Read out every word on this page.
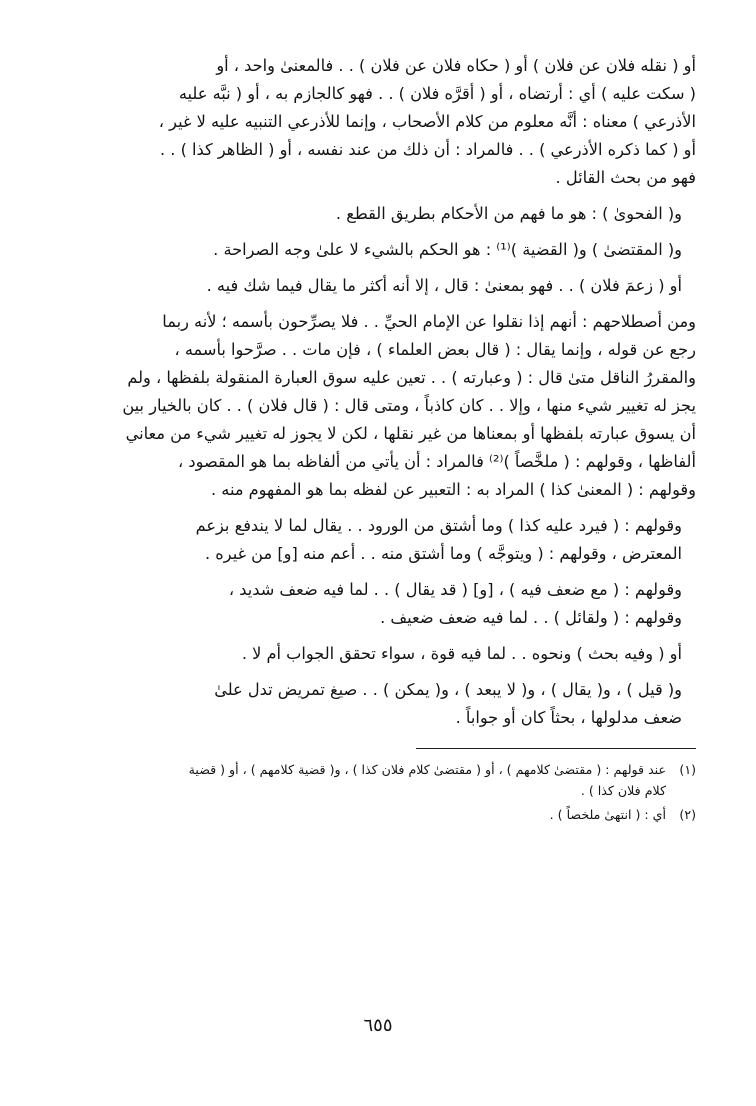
أو ( نقله فلان عن فلان ) أو ( حكاه فلان عن فلان ) . . فالمعنىٰ واحد ، أو
( سكت عليه ) أي : أرتضاه ، أو ( أقرَّه فلان ) . . فهو كالجازم به ، أو ( نبَّه عليه
الأذرعي ) معناه : أنَّه معلوم من كلام الأصحاب ، وإنما للأذرعي التنبيه عليه لا غير ،
أو ( كما ذكره الأذرعي ) . . فالمراد : أن ذلك من عند نفسه ، أو ( الظاهر كذا ) . .
فهو من بحث القائل .

و( الفحوىٰ ) : هو ما فهم من الأحكام بطريق القطع .

و( المقتضىٰ ) و( القضية )⁽¹⁾ : هو الحكم بالشيء لا علىٰ وجه الصراحة .

أو ( زعمَ فلان ) . . فهو بمعنىٰ : قال ، إلا أنه أكثر ما يقال فيما شك فيه .

ومن أصطلاحهم : أنهم إذا نقلوا عن الإمام الحيِّ . . فلا يصرِّحون بأسمه ؛ لأنه ربما
رجع عن قوله ، وإنما يقال : ( قال بعض العلماء ) ، فإن مات . . صرَّحوا بأسمه ،
والمقررُ الناقل متىٰ قال : ( وعبارته ) . . تعين عليه سوق العبارة المنقولة بلفظها ، ولم
يجز له تغيير شيء منها ، وإلا . . كان كاذباً ، ومتى قال : ( قال فلان ) . . كان بالخيار بين
أن يسوق عبارته بلفظها أو بمعناها من غير نقلها ، لكن لا يجوز له تغيير شيء من معاني
ألفاظها ، وقولهم : ( ملخَّصاً )⁽²⁾ فالمراد : أن يأتي من ألفاظه بما هو المقصود ،
وقولهم : ( المعنىٰ كذا ) المراد به : التعبير عن لفظه بما هو المفهوم منه .

وقولهم : ( فيرد عليه كذا ) وما أشتق من الورود . . يقال لما لا يندفع بزعم
المعترض ، وقولهم : ( ويتوجَّه ) وما أشتق منه . . أعم منه [و] من غيره .

وقولهم : ( مع ضعف فيه ) ، [و] ( قد يقال ) . . لما فيه ضعف شديد ،
وقولهم : ( ولقائل ) . . لما فيه ضعف ضعيف .

أو ( وفيه بحث ) ونحوه . . لما فيه قوة ، سواء تحقق الجواب أم لا .

و( قيل ) ، و( يقال ) ، و( لا يبعد ) ، و( يمكن ) . . صيغ تمريض تدل علىٰ
ضعف مدلولها ، بحثاً كان أو جواباً .

(١)عند قولهم : ( مقتضىٰ كلامهم ) ، أو ( مقتضىٰ كلام فلان كذا ) ، و( قضية كلامهم ) ، أو ( قضية
كلام فلان كذا ) .
(٢)أي : ( انتهىٰ ملخصاً ) .
٦٥٥
